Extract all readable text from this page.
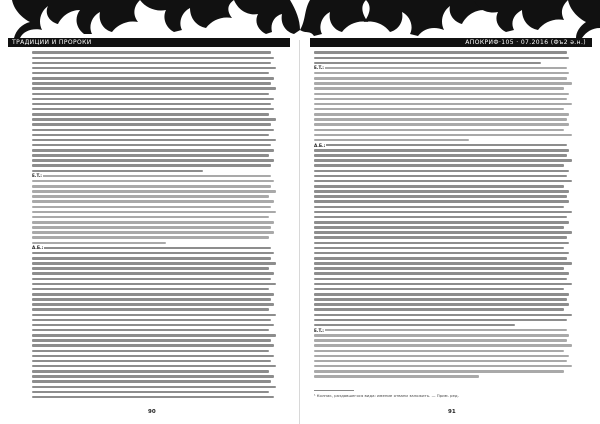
ТРАДИЦИИ И ПРОРОКИ	АПОКРИФ·105 · 07.2016 (Фъ2 ә.н.)
E.T.:
А.Б.:
E.T.:
А.Б.:
E.T.:
¹ Колпак, раздавшегося вида: имение отвани заложить. — Прим. ред.
90	91
